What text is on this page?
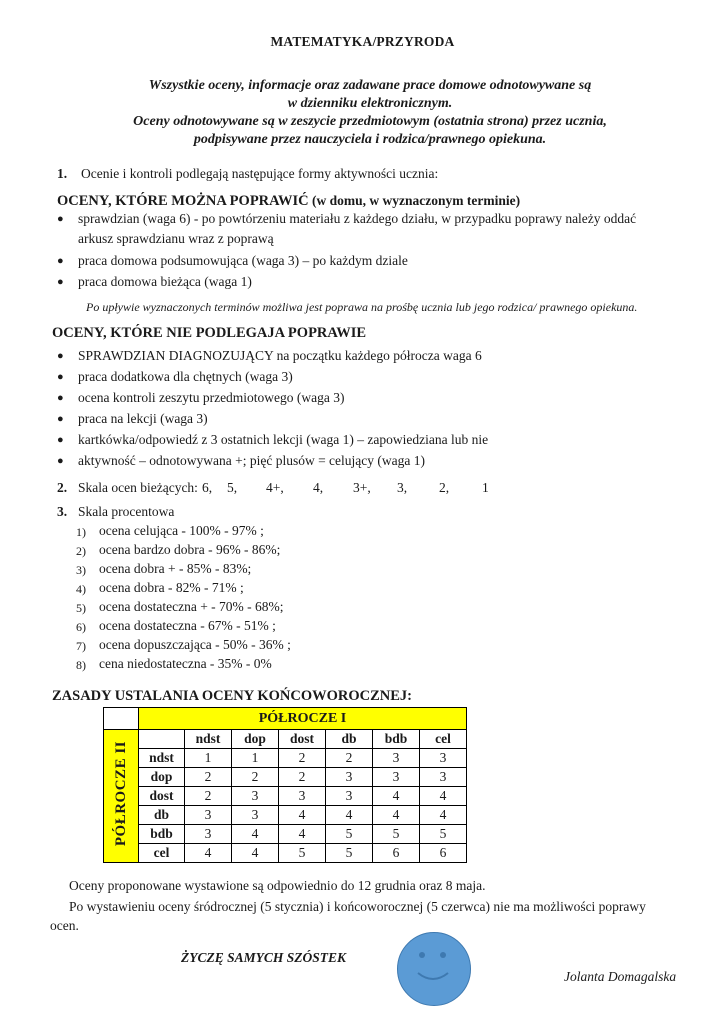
MATEMATYKA/PRZYRODA
Wszystkie oceny, informacje oraz zadawane prace domowe odnotowywane są
w dzienniku elektronicznym.
Oceny odnotowywane są w zeszycie przedmiotowym (ostatnia strona) przez ucznia,
podpisywane przez nauczyciela i rodzica/prawnego opiekuna.
1. Ocenie i kontroli podlegają następujące formy aktywności ucznia:
OCENY, KTÓRE MOŻNA POPRAWIĆ (w domu, w wyznaczonym terminie)
● sprawdzian (waga 6) - po powtórzeniu materiału z każdego działu, w przypadku poprawy należy oddać
arkusz sprawdzianu wraz z poprawą
● praca domowa podsumowująca (waga 3) – po każdym dziale
● praca domowa bieżąca (waga 1)
Po upływie wyznaczonych terminów możliwa jest poprawa na prośbę ucznia lub jego rodzica/ prawnego opiekuna.
OCENY, KTÓRE NIE PODLEGAJA POPRAWIE
● SPRAWDZIAN DIAGNOZUJĄCY na początku każdego półrocza waga 6
● praca dodatkowa dla chętnych (waga 3)
● ocena kontroli zeszytu przedmiotowego (waga 3)
● praca na lekcji (waga 3)
● kartkówka/odpowiedź z 3 ostatnich lekcji (waga 1) – zapowiedziana lub nie
● aktywność – odnotowywana +; pięć plusów = celujący (waga 1)
2. Skala ocen bieżących: 6, 5, 4+, 4, 3+, 3, 2, 1
3. Skala procentowa
1) ocena celująca - 100% - 97% ;
2) ocena bardzo dobra - 96% - 86%;
3) ocena dobra + - 85% - 83%;
4) ocena dobra - 82% - 71% ;
5) ocena dostateczna + - 70% - 68%;
6) ocena dostateczna - 67% - 51% ;
7) ocena dopuszczająca - 50% - 36% ;
8) cena niedostateczna - 35% - 0%
ZASADY USTALANIA OCENY KOŃCOWOROCZNEJ:
	PÓŁROCZE I						
PÓŁROCZE II		ndst	dop	dost	db	bdb	cel
	ndst	1	1	2	2	3	3
	dop	2	2	2	3	3	3
	dost	2	3	3	3	4	4
	db	3	3	4	4	4	4
	bdb	3	4	4	5	5	5
	cel	4	4	5	5	6	6
Oceny proponowane wystawione są odpowiednio do 12 grudnia oraz 8 maja.
Po wystawieniu oceny śródrocznej (5 stycznia) i końcoworocznej (5 czerwca) nie ma możliwości poprawy
ocen.
ŻYCZĘ SAMYCH SZÓSTEK
Jolanta Domagalska
